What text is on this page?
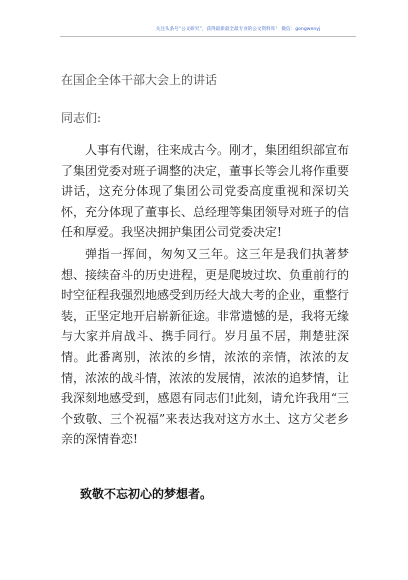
关注头条号“公文研究”，获得最新最全最专业的公文资料库！ 微信：gongwenyj
在国企全体干部大会上的讲话
同志们:

人事有代谢，往来成古今。刚才，集团组织部宣布了集团党委对班子调整的决定，董事长等会儿将作重要讲话，这充分体现了集团公司党委高度重视和深切关怀，充分体现了董事长、总经理等集团领导对班子的信任和厚爱。我坚决拥护集团公司党委决定!

弹指一挥间，匆匆又三年。这三年是我们执著梦想、接续奋斗的历史进程，更是爬坡过坎、负重前行的时空征程我强烈地感受到历经大战大考的企业，重整行装，正坚定地开启崭新征途。非常遗憾的是，我将无缘与大家并肩战斗、携手同行。岁月虽不居，荆楚驻深情。此番离别，浓浓的乡情，浓浓的亲情，浓浓的友情，浓浓的战斗情，浓浓的发展情，浓浓的追梦情，让我深刻地感受到，感恩有同志们!此刻，请允许我用“三个致敬、三个祝福”来表达我对这方水土、这方父老乡亲的深情眷恋!

致敬不忘初心的梦想者。
